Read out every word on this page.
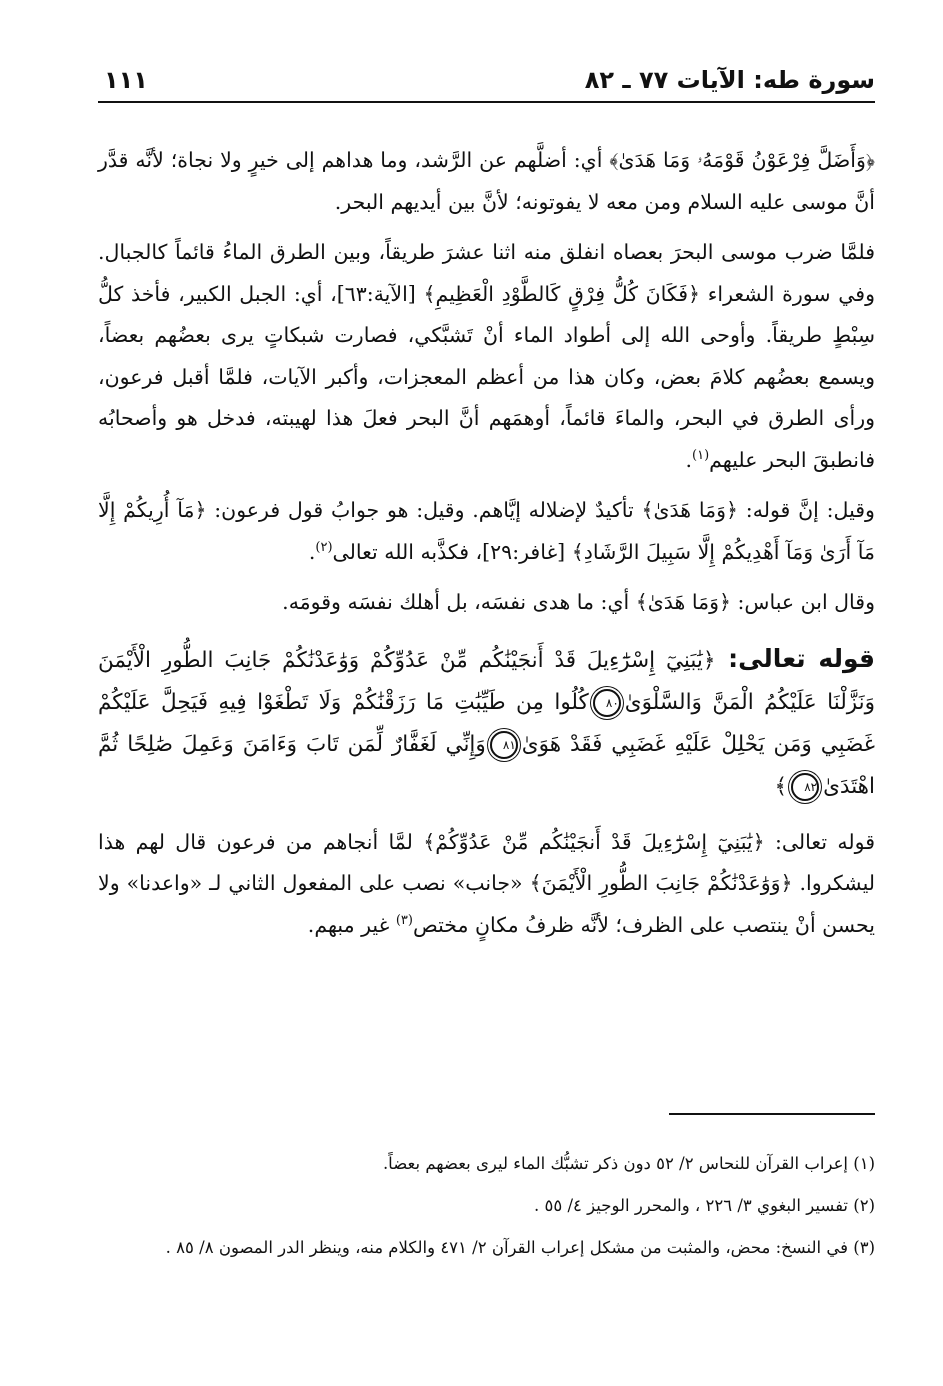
سورة طه: الآيات ٧٧ ـ ٨٢
١١١

﴿وَأَضَلَّ فِرْعَوْنُ قَوْمَهُۥ وَمَا هَدَىٰ﴾ أي: أضلَّهم عن الرَّشد، وما هداهم إلى خيرٍ ولا نجاة؛ لأنَّه قدَّر أنَّ موسى عليه السلام ومن معه لا يفوتونه؛ لأنَّ بين أيديهم البحر.

فلمَّا ضرب موسى البحرَ بعصاه انفلق منه اثنا عشرَ طريقاً، وبين الطرق الماءُ قائماً كالجبال. وفي سورة الشعراء ﴿فَكَانَ كُلُّ فِرْقٍ كَالطَّوْدِ الْعَظِيمِ﴾ [الآية:٦٣]، أي: الجبل الكبير، فأخذ كلُّ سِبْطٍ طريقاً. وأوحى الله إلى أطواد الماء أنْ تَشبَّكي، فصارت شبكاتٍ يرى بعضُهم بعضاً، ويسمع بعضُهم كلامَ بعض، وكان هذا من أعظم المعجزات، وأكبر الآيات، فلمَّا أقبل فرعون، ورأى الطرق في البحر، والماءَ قائماً، أوهمَهم أنَّ البحر فعلَ هذا لهيبته، فدخل هو وأصحابُه فانطبقَ البحر عليهم$^{(١)}$.

وقيل: إنَّ قوله: ﴿وَمَا هَدَىٰ﴾ تأكيدٌ لإضلاله إيَّاهم. وقيل: هو جوابُ قول فرعون: ﴿مَآ أُرِيكُمْ إِلَّا مَآ أَرَىٰ وَمَآ أَهْدِيكُمْ إِلَّا سَبِيلَ الرَّشَادِ﴾ [غافر:٢٩]، فكذَّبه الله تعالى$^{(٢)}$.

وقال ابن عباس: ﴿وَمَا هَدَىٰ﴾ أي: ما هدى نفسَه، بل أهلك نفسَه وقومَه.

قوله تعالى: ﴿يَٰبَنِيٓ إِسْرَٰٓءِيلَ قَدْ أَنجَيْنَٰكُم مِّنْ عَدُوِّكُمْ وَوَٰعَدْنَٰكُمْ جَانِبَ الطُّورِ الْأَيْمَنَ وَنَزَّلْنَا عَلَيْكُمُ الْمَنَّ وَالسَّلْوَىٰ٨٠كُلُوا مِن طَيِّبَٰتِ مَا رَزَقْنَٰكُمْ وَلَا تَطْغَوْا فِيهِ فَيَحِلَّ عَلَيْكُمْ غَضَبِي وَمَن يَحْلِلْ عَلَيْهِ غَضَبِي فَقَدْ هَوَىٰ٨١وَإِنِّي لَغَفَّارٌ لِّمَن تَابَ وَءَامَنَ وَعَمِلَ صَٰلِحًا ثُمَّ اهْتَدَىٰ٨٢﴾

قوله تعالى: ﴿يَٰبَنِيٓ إِسْرَٰٓءِيلَ قَدْ أَنجَيْنَٰكُم مِّنْ عَدُوِّكُمْ﴾ لمَّا أنجاهم من فرعون قال لهم هذا ليشكروا. ﴿وَوَٰعَدْنَٰكُمْ جَانِبَ الطُّورِ الْأَيْمَنَ﴾ «جانب» نصب على المفعول الثاني لـ «واعدنا» ولا يحسن أنْ ينتصب على الظرف؛ لأنَّه ظرفُ مكانٍ مختص$^{(٣)}$ غير مبهم.

(١) إعراب القرآن للنحاس ٢/ ٥٢ دون ذكر تشبُّك الماء ليرى بعضهم بعضاً.

(٢) تفسير البغوي ٣/ ٢٢٦ ، والمحرر الوجيز ٤/ ٥٥ .

(٣) في النسخ: محض، والمثبت من مشكل إعراب القرآن ٢/ ٤٧١ والكلام منه، وينظر الدر المصون ٨/ ٨٥ .
